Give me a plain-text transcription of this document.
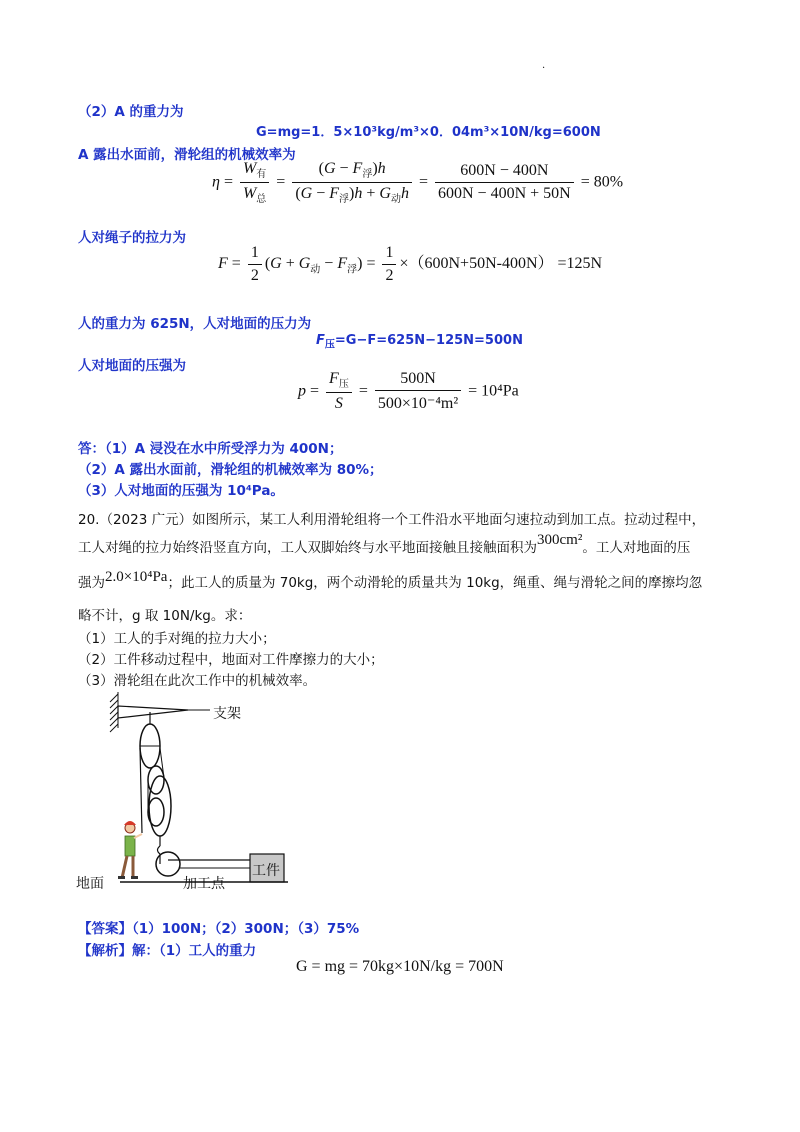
.
（2）A 的重力为
G=mg=1．5×10³kg/m³×0．04m³×10N/kg=600N
A 露出水面前，滑轮组的机械效率为
$\eta = \frac{W_有}{W_总} = \frac{(G - F_浮)h}{(G - F_浮)h + G_动h} = \frac{600N - 400N}{600N - 400N + 50N} = 80\%$
人对绳子的拉力为
$F = \frac{1}{2} (G + G_动 - F_浮) = \frac{1}{2} \times(600N+50N-400N) =125N$
人的重力为 625N，人对地面的压力为
$F_压=G-F=625N-125N=500N$
人对地面的压强为
$p = \frac{F_压}{S} = \frac{500N}{\text{500×10⁻⁴m²}} = 10^4Pa$
答：（1）A 浸没在水中所受浮力为 400N；
（2）A 露出水面前，滑轮组的机械效率为 80%；
（3）人对地面的压强为 10⁴Pa。
20.（2023 广元）如图所示，某工人利用滑轮组将一个工件沿水平地面匀速拉动到加工点。拉动过程中，
工人对绳的拉力始终沿竖直方向，工人双脚始终与水平地面接触且接触面积为300cm²。工人对地面的压
强为2.0×10⁴Pa；此工人的质量为 70kg，两个动滑轮的质量共为 10kg，绳重、绳与滑轮之间的摩擦均忽
略不计，g 取 10N/kg。求：
（1）工人的手对绳的拉力大小；
（2）工件移动过程中，地面对工件摩擦力的大小；
（3）滑轮组在此次工作中的机械效率。
支架
地面	加工点
工件
【答案】（1）100N；（2）300N；（3）75%
【解析】解：（1）工人的重力
G = mg = 70kg×10N/kg = 700N
